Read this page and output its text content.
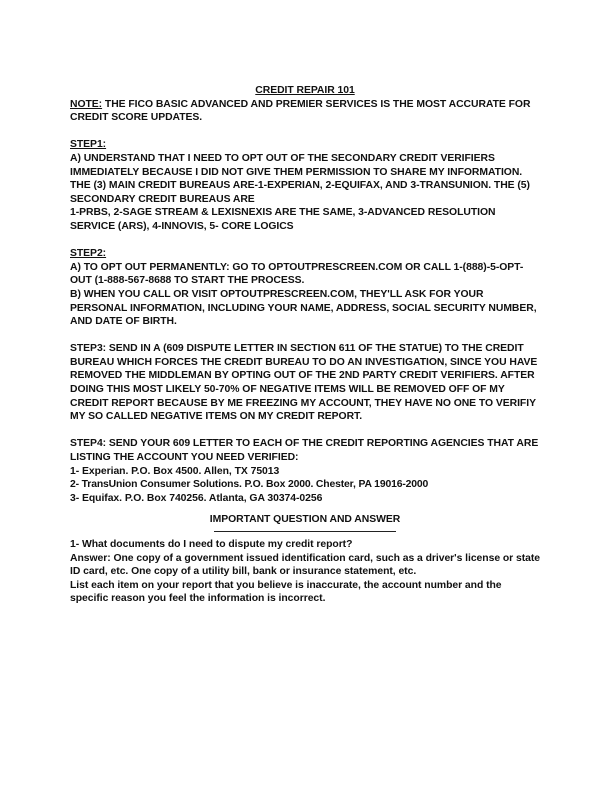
CREDIT REPAIR 101

NOTE: THE FICO BASIC ADVANCED AND PREMIER SERVICES IS THE MOST ACCURATE FOR CREDIT SCORE UPDATES.

STEP1:

A) UNDERSTAND THAT I NEED TO OPT OUT OF THE SECONDARY CREDIT VERIFIERS IMMEDIATELY BECAUSE I DID NOT GIVE THEM PERMISSION TO SHARE MY INFORMATION. THE (3) MAIN CREDIT BUREAUS ARE-1-EXPERIAN, 2-EQUIFAX, AND 3-TRANSUNION. THE (5) SECONDARY CREDIT BUREAUS ARE

1-PRBS, 2-SAGE STREAM & LEXISNEXIS ARE THE SAME, 3-ADVANCED RESOLUTION SERVICE (ARS), 4-INNOVIS, 5- CORE LOGICS

STEP2:

A) TO OPT OUT PERMANENTLY: GO TO OPTOUTPRESCREEN.COM OR CALL 1-(888)-5-OPT-OUT (1-888-567-8688 TO START THE PROCESS.

B) WHEN YOU CALL OR VISIT OPTOUTPRESCREEN.COM, THEY'LL ASK FOR YOUR PERSONAL INFORMATION, INCLUDING YOUR NAME, ADDRESS, SOCIAL SECURITY NUMBER, AND DATE OF BIRTH.

STEP3: SEND IN A (609 DISPUTE LETTER IN SECTION 611 OF THE STATUE) TO THE CREDIT BUREAU WHICH FORCES THE CREDIT BUREAU TO DO AN INVESTIGATION, SINCE YOU HAVE REMOVED THE MIDDLEMAN BY OPTING OUT OF THE 2ND PARTY CREDIT VERIFIERS. AFTER DOING THIS MOST LIKELY 50-70% OF NEGATIVE ITEMS WILL BE REMOVED OFF OF MY CREDIT REPORT BECAUSE BY ME FREEZING MY ACCOUNT, THEY HAVE NO ONE TO VERIFIY MY SO CALLED NEGATIVE ITEMS ON MY CREDIT REPORT.

STEP4: SEND YOUR 609 LETTER TO EACH OF THE CREDIT REPORTING AGENCIES THAT ARE LISTING THE ACCOUNT YOU NEED VERIFIED:

1- Experian. P.O. Box 4500. Allen, TX 75013

2- TransUnion Consumer Solutions. P.O. Box 2000. Chester, PA 19016-2000

3- Equifax. P.O. Box 740256. Atlanta, GA 30374-0256

IMPORTANT QUESTION AND ANSWER

1- What documents do I need to dispute my credit report?

Answer: One copy of a government issued identification card, such as a driver's license or state ID card, etc. One copy of a utility bill, bank or insurance statement, etc.

List each item on your report that you believe is inaccurate, the account number and the specific reason you feel the information is incorrect.
